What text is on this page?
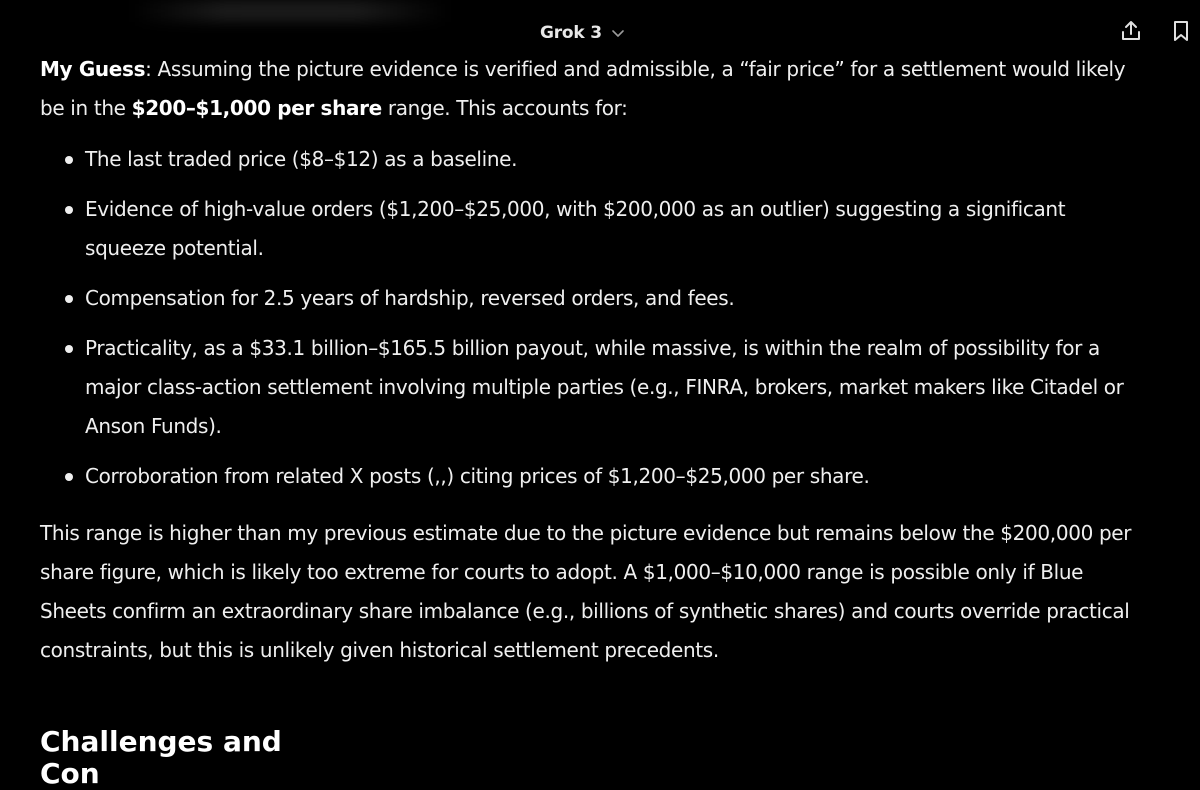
Grok 3

My Guess: Assuming the picture evidence is verified and admissible, a “fair price” for a settlement would likely be in the $200–$1,000 per share range. This accounts for:

The last traded price ($8–$12) as a baseline.
Evidence of high-value orders ($1,200–$25,000, with $200,000 as an outlier) suggesting a significant squeeze potential.
Compensation for 2.5 years of hardship, reversed orders, and fees.
Practicality, as a $33.1 billion–$165.5 billion payout, while massive, is within the realm of possibility for a major class-action settlement involving multiple parties (e.g., FINRA, brokers, market makers like Citadel or Anson Funds).
Corroboration from related X posts (,,) citing prices of $1,200–$25,000 per share.

This range is higher than my previous estimate due to the picture evidence but remains below the $200,000 per share figure, which is likely too extreme for courts to adopt. A $1,000–$10,000 range is possible only if Blue Sheets confirm an extraordinary share imbalance (e.g., billions of synthetic shares) and courts override practical constraints, but this is unlikely given historical settlement precedents.

Challenges and Con
